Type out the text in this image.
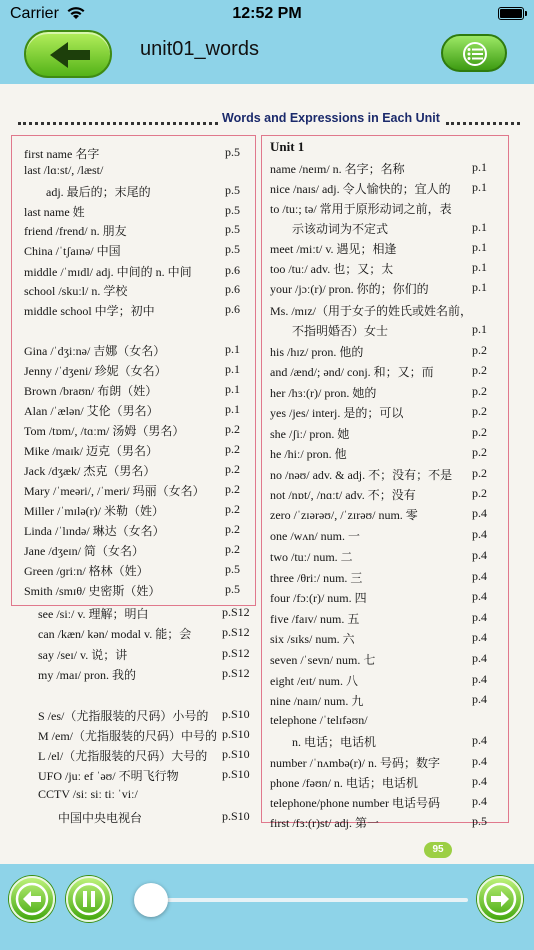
Carrier	12:52 PM
unit01_words
Words and Expressions in Each Unit
Unit 1
first name 名字	p.5
last /lɑːst/, /læst/
adj. 最后的；末尾的	p.5
last name 姓	p.5
friend /frend/ n. 朋友	p.5
China /ˈtʃaɪnə/ 中国	p.5
middle /ˈmɪdl/ adj. 中间的 n. 中间	p.6
school /skuːl/ n. 学校	p.6
middle school 中学；初中	p.6
Gina /ˈdʒiːnə/ 吉娜（女名）	p.1
Jenny /ˈdʒeni/ 珍妮（女名）	p.1
Brown /braʊn/ 布朗（姓）	p.1
Alan /ˈælən/ 艾伦（男名）	p.1
Tom /tɒm/, /tɑːm/ 汤姆（男名）	p.2
Mike /maɪk/ 迈克（男名）	p.2
Jack /dʒæk/ 杰克（男名）	p.2
Mary /ˈmeəri/, /ˈmeri/ 玛丽（女名） p.2
Miller /ˈmɪlə(r)/ 米勒（姓）	p.2
Linda /ˈlɪndə/ 琳达（女名）	p.2
Jane /dʒeɪn/ 简（女名）	p.2
Green /ɡriːn/ 格林（姓）	p.5
Smith /smɪθ/ 史密斯（姓）	p.5
see /siː/ v. 理解；明白	p.S12
can /kæn/ kən/ modal v. 能；会	p.S12
say /seɪ/ v. 说；讲	p.S12
my /maɪ/ pron. 我的	p.S12
S /es/（尤指服装的尺码）小号的 p.S10
M /em/（尤指服装的尺码）中号的 p.S10
L /el/（尤指服装的尺码）大号的 p.S10
UFO /juː ef ˈəʊ/ 不明飞行物	p.S10
CCTV /siː siː tiː ˈviː/
中国中央电视台	p.S10
name /neɪm/ n. 名字；名称	p.1
nice /naɪs/ adj. 令人愉快的；宜人的 p.1
to /tuː; tə/ 常用于原形动词之前，表
示该动词为不定式	p.1
meet /miːt/ v. 遇见；相逢	p.1
too /tuː/ adv. 也；又；太	p.1
your /jɔː(r)/ pron. 你的；你们的	p.1
Ms. /mɪz/（用于女子的姓氏或姓名前，
不指明婚否）女士	p.1
his /hɪz/ pron. 他的	p.2
and /ænd/; ənd/ conj. 和；又；而	p.2
her /hɜː(r)/ pron. 她的	p.2
yes /jes/ interj. 是的；可以	p.2
she /ʃiː/ pron. 她	p.2
he /hiː/ pron. 他	p.2
no /nəʊ/ adv. & adj. 不；没有；不是 p.2
not /nɒt/, /nɑːt/ adv. 不；没有	p.2
zero /ˈzɪərəʊ/, /ˈzɪrəʊ/ num. 零	p.4
one /wʌn/ num. 一	p.4
two /tuː/ num. 二	p.4
three /θriː/ num. 三	p.4
four /fɔː(r)/ num. 四	p.4
five /faɪv/ num. 五	p.4
six /sɪks/ num. 六	p.4
seven /ˈsevn/ num. 七	p.4
eight /eɪt/ num. 八	p.4
nine /naɪn/ num. 九	p.4
telephone /ˈtelɪfəʊn/
n. 电话；电话机	p.4
number /ˈnʌmbə(r)/ n. 号码；数字	p.4
phone /fəʊn/ n. 电话；电话机	p.4
telephone/phone number 电话号码	p.4
first /fɜː(r)st/ adj. 第一	p.5
95
